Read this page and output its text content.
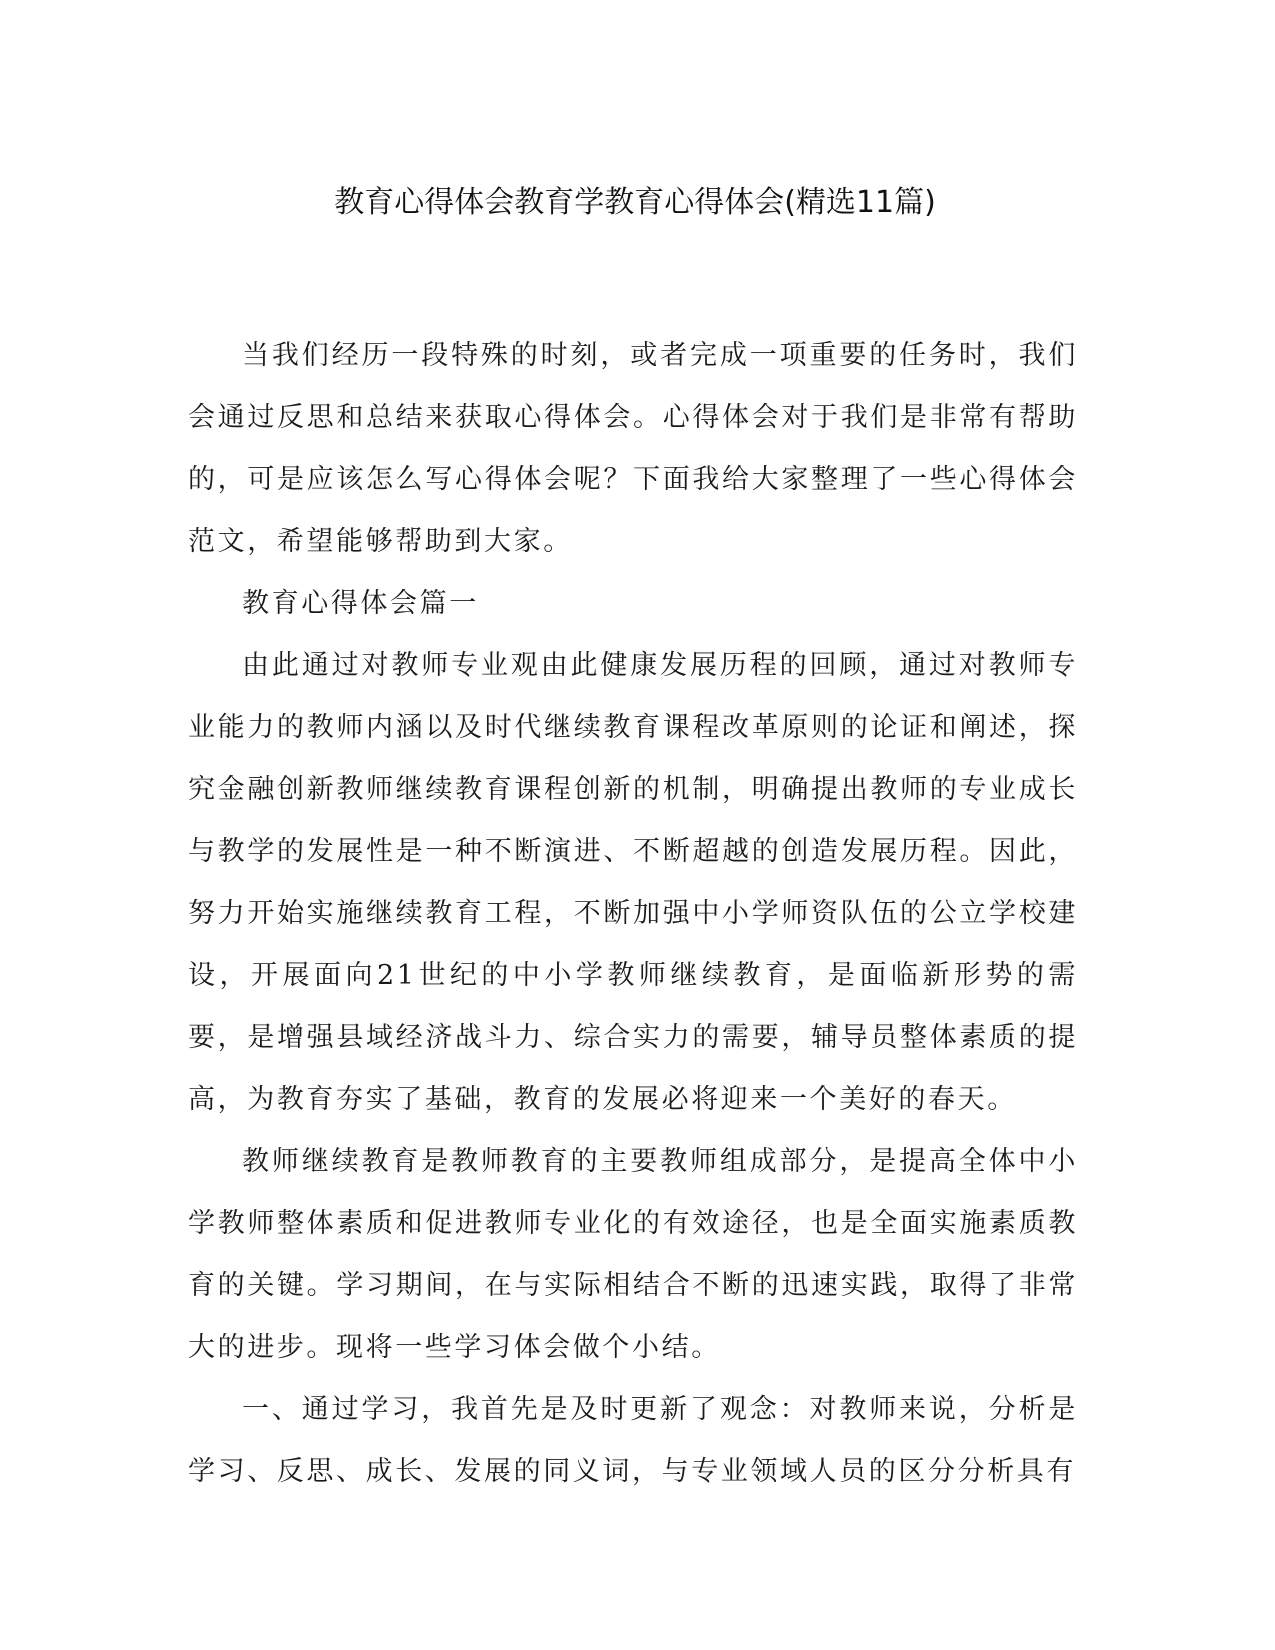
教育心得体会教育学教育心得体会(精选11篇)

当我们经历一段特殊的时刻，或者完成一项重要的任务时，我们会通过反思和总结来获取心得体会。心得体会对于我们是非常有帮助的，可是应该怎么写心得体会呢？下面我给大家整理了一些心得体会范文，希望能够帮助到大家。

教育心得体会篇一

由此通过对教师专业观由此健康发展历程的回顾，通过对教师专业能力的教师内涵以及时代继续教育课程改革原则的论证和阐述，探究金融创新教师继续教育课程创新的机制，明确提出教师的专业成长与教学的发展性是一种不断演进、不断超越的创造发展历程。因此，努力开始实施继续教育工程，不断加强中小学师资队伍的公立学校建设，开展面向21世纪的中小学教师继续教育，是面临新形势的需要，是增强县域经济战斗力、综合实力的需要，辅导员整体素质的提高，为教育夯实了基础，教育的发展必将迎来一个美好的春天。

教师继续教育是教师教育的主要教师组成部分，是提高全体中小学教师整体素质和促进教师专业化的有效途径，也是全面实施素质教育的关键。学习期间，在与实际相结合不断的迅速实践，取得了非常大的进步。现将一些学习体会做个小结。

一、通过学习，我首先是及时更新了观念：对教师来说，分析是学习、反思、成长、发展的同义词，与专业领域人员的区分分析具有
